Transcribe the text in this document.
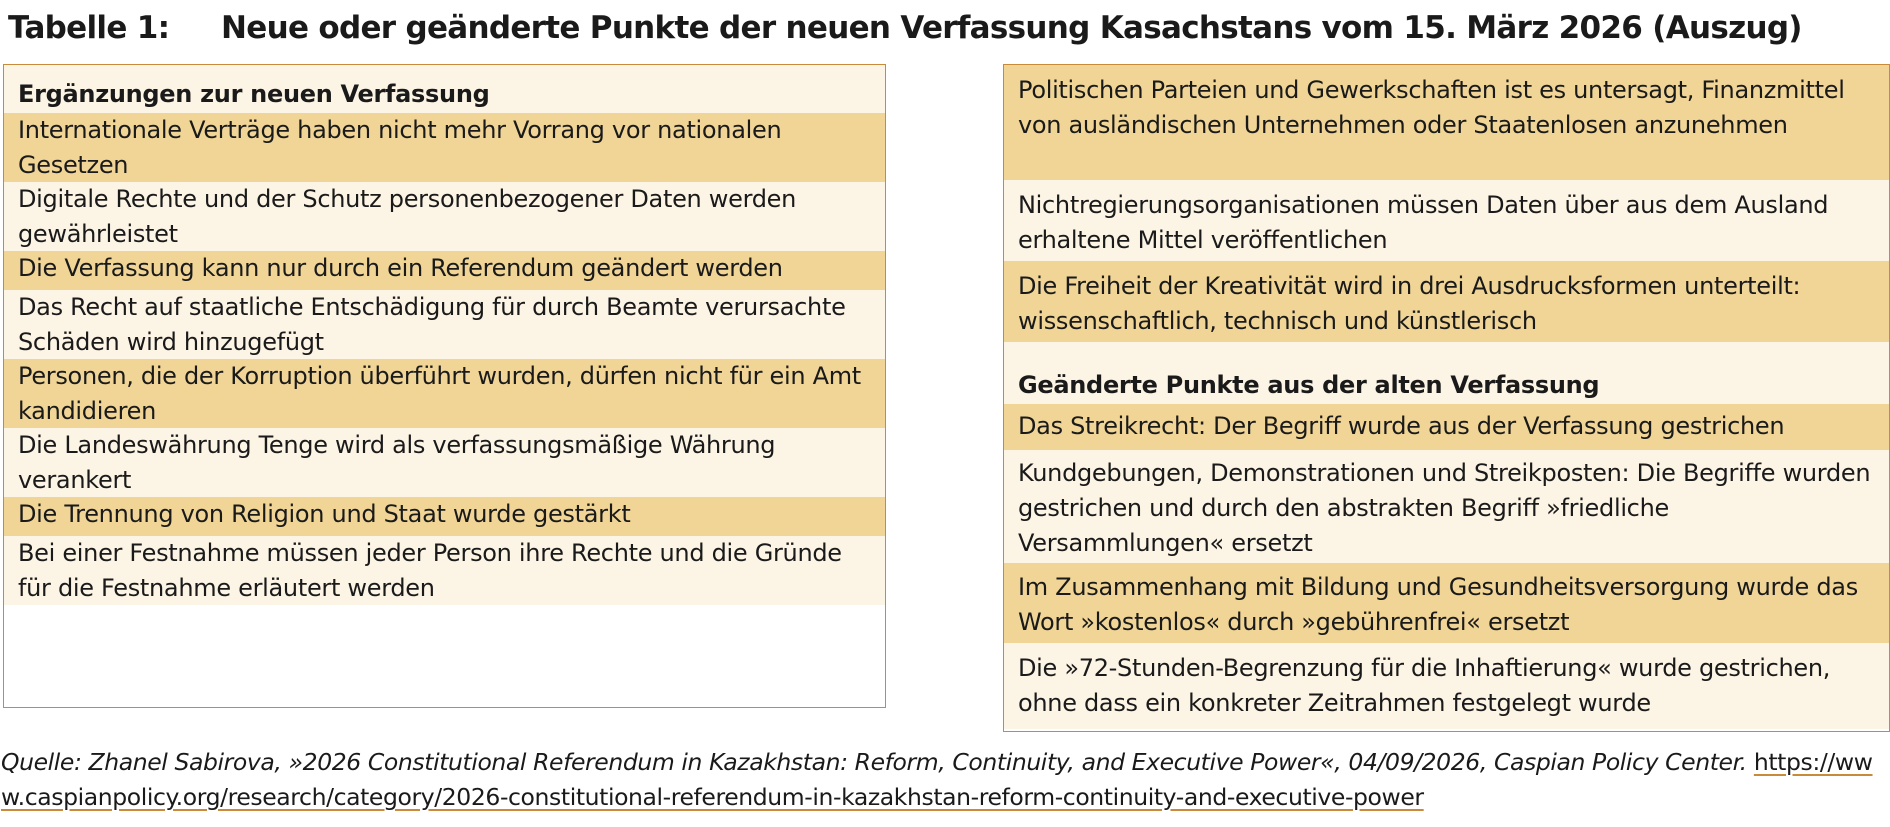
Tabelle 1: Neue oder geänderte Punkte der neuen Verfassung Kasachstans vom 15. März 2026 (Auszug)
Ergänzungen zur neuen Verfassung
Internationale Verträge haben nicht mehr Vorrang vor nationalen Gesetzen
Digitale Rechte und der Schutz personenbezogener Daten werden gewährleistet
Die Verfassung kann nur durch ein Referendum geändert werden
Das Recht auf staatliche Entschädigung für durch Beamte verursachte Schäden wird hinzugefügt
Personen, die der Korruption überführt wurden, dürfen nicht für ein Amt kandidieren
Die Landeswährung Tenge wird als verfassungsmäßige Währung verankert
Die Trennung von Religion und Staat wurde gestärkt
Bei einer Festnahme müssen jeder Person ihre Rechte und die Gründe für die Festnahme erläutert werden
Politischen Parteien und Gewerkschaften ist es untersagt, Finanzmittel von ausländischen Unternehmen oder Staatenlosen anzunehmen
Nichtregierungsorganisationen müssen Daten über aus dem Ausland erhaltene Mittel veröffentlichen
Die Freiheit der Kreativität wird in drei Ausdrucksformen unterteilt: wissenschaftlich, technisch und künstlerisch
Geänderte Punkte aus der alten Verfassung
Das Streikrecht: Der Begriff wurde aus der Verfassung gestrichen
Kundgebungen, Demonstrationen und Streikposten: Die Begriffe wurden gestrichen und durch den abstrakten Begriff »friedliche Versammlungen« ersetzt
Im Zusammenhang mit Bildung und Gesundheitsversorgung wurde das Wort »kostenlos« durch »gebührenfrei« ersetzt
Die »72-Stunden-Begrenzung für die Inhaftierung« wurde gestrichen, ohne dass ein konkreter Zeitrahmen festgelegt wurde
Quelle: Zhanel Sabirova, »2026 Constitutional Referendum in Kazakhstan: Reform, Continuity, and Executive Power«, 04/09/2026, Caspian Policy Center. https://www.caspianpolicy.org/research/category/2026-constitutional-referendum-in-kazakhstan-reform-continuity-and-executive-power
